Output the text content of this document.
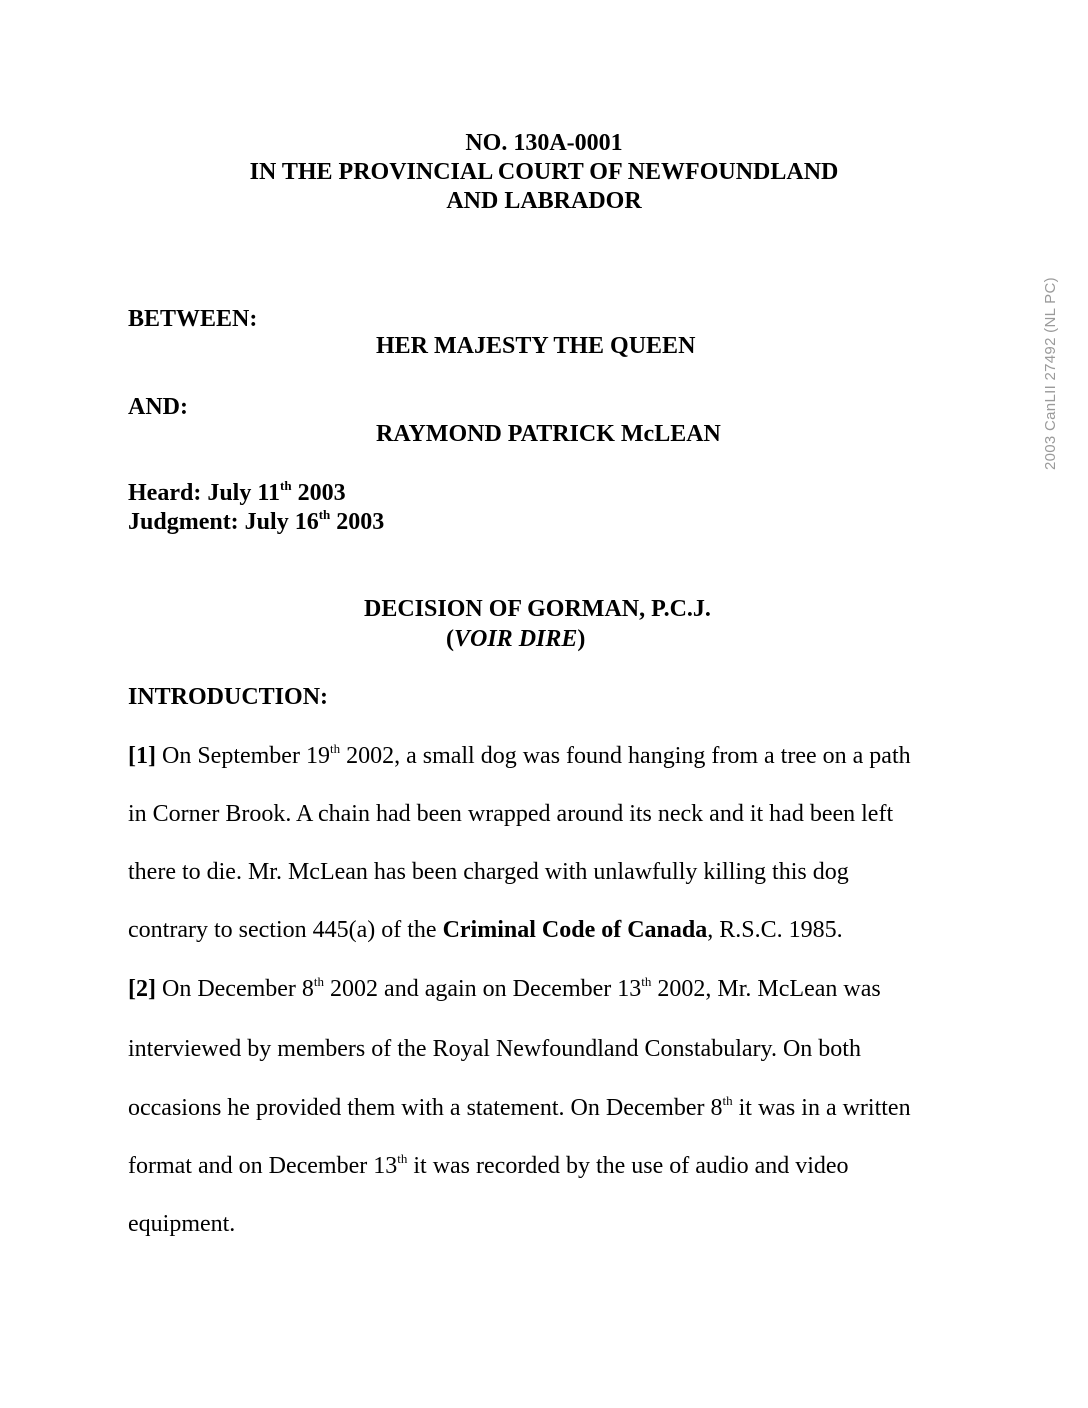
NO. 130A-0001
IN THE PROVINCIAL COURT OF NEWFOUNDLAND
AND LABRADOR
BETWEEN:
HER MAJESTY THE QUEEN
AND:
RAYMOND PATRICK McLEAN
Heard: July 11th 2003
Judgment: July 16th 2003
DECISION OF GORMAN, P.C.J.
(VOIR DIRE)
INTRODUCTION:
[1] On September 19th 2002, a small dog was found hanging from a tree on a path
in Corner Brook. A chain had been wrapped around its neck and it had been left
there to die. Mr. McLean has been charged with unlawfully killing this dog
contrary to section 445(a) of the Criminal Code of Canada, R.S.C. 1985.
[2] On December 8th 2002 and again on December 13th 2002, Mr. McLean was
interviewed by members of the Royal Newfoundland Constabulary. On both
occasions he provided them with a statement. On December 8th it was in a written
format and on December 13th it was recorded by the use of audio and video
equipment.
2003 CanLII 27492 (NL PC)
